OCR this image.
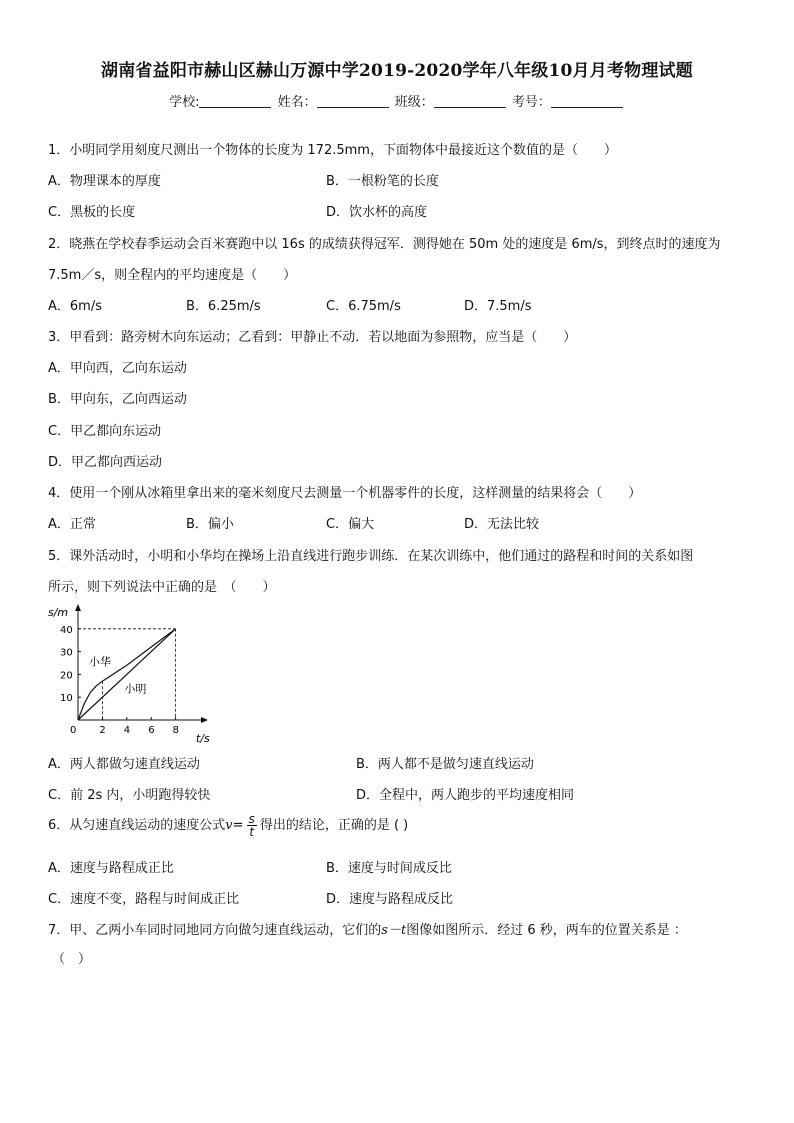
湖南省益阳市赫山区赫山万源中学2019-2020学年八年级10月月考物理试题
学校:	姓名：	班级：	考号：
1．小明同学用刻度尺测出一个物体的长度为 172.5mm，下面物体中最接近这个数值的是（　　）
A．物理课本的厚度	B．一根粉笔的长度
C．黑板的长度	D．饮水杯的高度
2．晓燕在学校春季运动会百米赛跑中以 16s 的成绩获得冠军．测得她在 50m 处的速度是 6m/s，到终点时的速度为
7.5m／s，则全程内的平均速度是（　　）
A．6m/s	B．6.25m/s	C．6.75m/s	D．7.5m/s
3．甲看到：路旁树木向东运动；乙看到：甲静止不动．若以地面为参照物，应当是（　　）
A．甲向西，乙向东运动
B．甲向东，乙向西运动
C．甲乙都向东运动
D．甲乙都向西运动
4．使用一个刚从冰箱里拿出来的毫米刻度尺去测量一个机器零件的长度，这样测量的结果将会（　　）
A．正常	B．偏小	C．偏大	D．无法比较
5．课外活动时，小明和小华均在操场上沿直线进行跑步训练．在某次训练中，他们通过的路程和时间的关系如图
所示，则下列说法中正确的是　（　　）
s/m
t/s
0 2 4 6 8
10
20
30
40
小华
小明
A．两人都做匀速直线运动	B．两人都不是做匀速直线运动
C．前 2s 内，小明跑得较快	D．全程中，两人跑步的平均速度相同
6．从匀速直线运动的速度公式$v= \frac{s}{t}$ 得出的结论，正确的是 ( )
A．速度与路程成正比	B．速度与时间成反比
C．速度不变，路程与时间成正比	D．速度与路程成反比
7．甲、乙两小车同时同地同方向做匀速直线运动，它们的s－t图像如图所示．经过 6 秒，两车的位置关系是 ：
（　）
